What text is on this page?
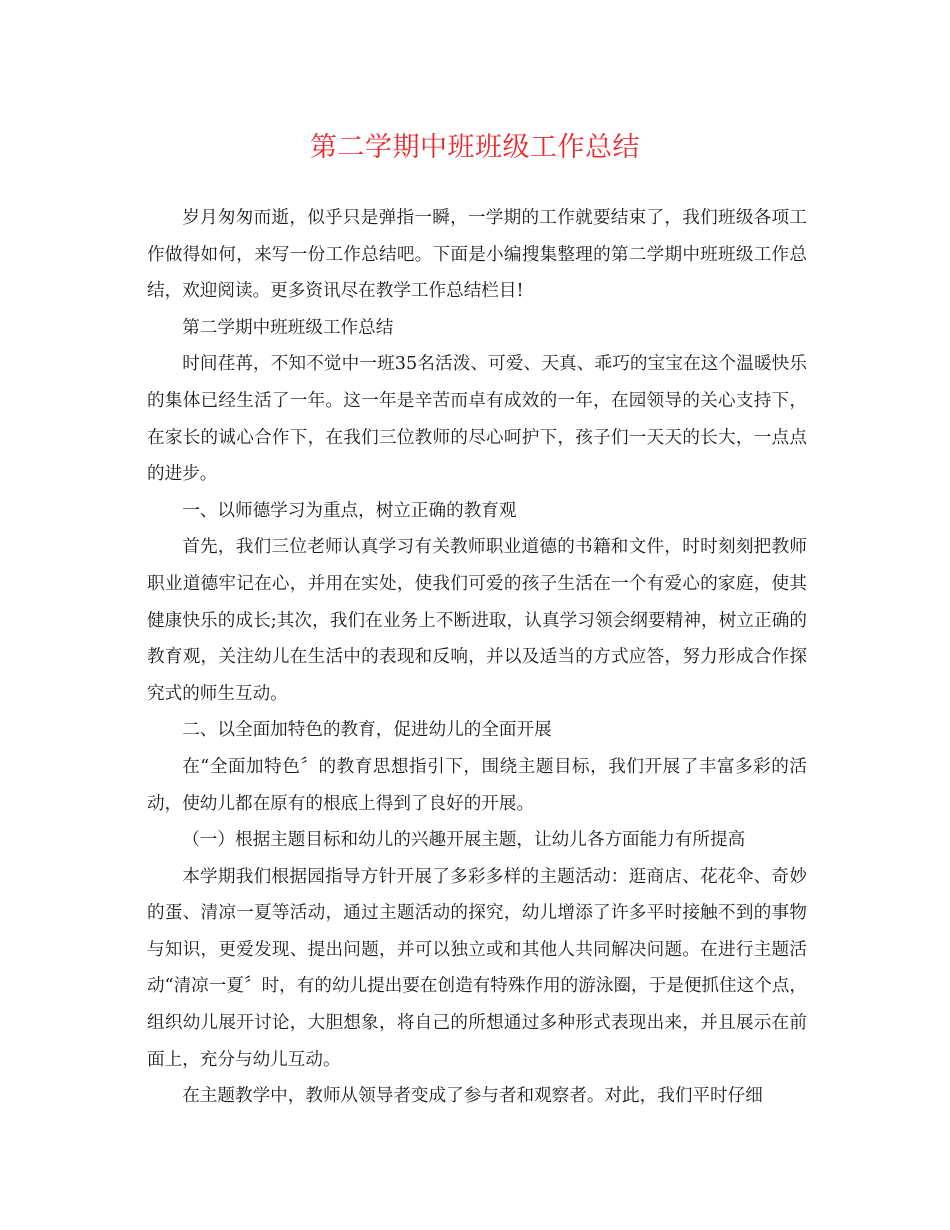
第二学期中班班级工作总结

岁月匆匆而逝，似乎只是弹指一瞬，一学期的工作就要结束了，我们班级各项工作做得如何，来写一份工作总结吧。下面是小编搜集整理的第二学期中班班级工作总结，欢迎阅读。更多资讯尽在教学工作总结栏目!

第二学期中班班级工作总结

时间荏苒，不知不觉中一班35名活泼、可爱、天真、乖巧的宝宝在这个温暖快乐的集体已经生活了一年。这一年是辛苦而卓有成效的一年，在园领导的关心支持下，在家长的诚心合作下，在我们三位教师的尽心呵护下，孩子们一天天的长大，一点点的进步。

一、以师德学习为重点，树立正确的教育观

首先，我们三位老师认真学习有关教师职业道德的书籍和文件，时时刻刻把教师职业道德牢记在心，并用在实处，使我们可爱的孩子生活在一个有爱心的家庭，使其健康快乐的成长;其次，我们在业务上不断进取，认真学习领会纲要精神，树立正确的教育观，关注幼儿在生活中的表现和反响，并以及适当的方式应答，努力形成合作探究式的师生互动。

二、以全面加特色的教育，促进幼儿的全面开展

在“全面加特色〞的教育思想指引下，围绕主题目标，我们开展了丰富多彩的活动，使幼儿都在原有的根底上得到了良好的开展。

（一）根据主题目标和幼儿的兴趣开展主题，让幼儿各方面能力有所提高

本学期我们根据园指导方针开展了多彩多样的主题活动：逛商店、花花伞、奇妙的蛋、清凉一夏等活动，通过主题活动的探究，幼儿增添了许多平时接触不到的事物与知识，更爱发现、提出问题，并可以独立或和其他人共同解决问题。在进行主题活动“清凉一夏〞时，有的幼儿提出要在创造有特殊作用的游泳圈，于是便抓住这个点，组织幼儿展开讨论，大胆想象，将自己的所想通过多种形式表现出来，并且展示在前面上，充分与幼儿互动。

在主题教学中，教师从领导者变成了参与者和观察者。对此，我们平时仔细
